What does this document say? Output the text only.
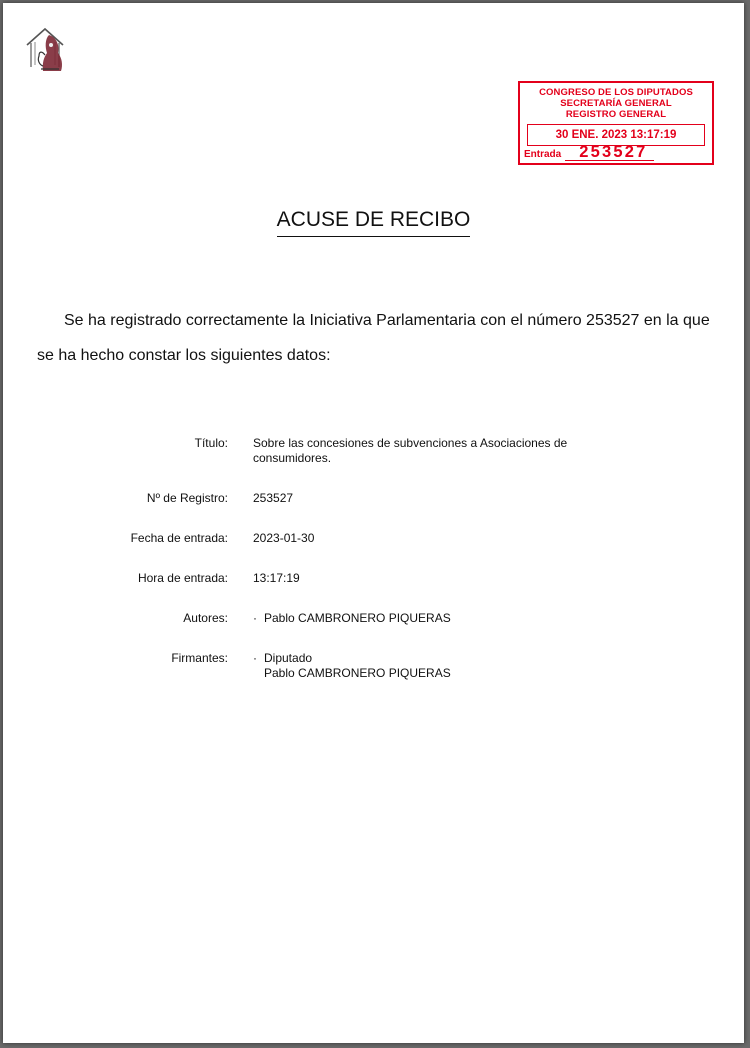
CONGRESO DE LOS DIPUTADOS
SECRETARÍA GENERAL
REGISTRO GENERAL
30 ENE. 2023 13:17:19
Entrada	253527
ACUSE DE RECIBO
Se ha registrado correctamente la Iniciativa Parlamentaria con el número 253527 en la que se ha hecho constar los siguientes datos:
Título: Sobre las concesiones de subvenciones a Asociaciones de
consumidores.
Nº de Registro: 253527
Fecha de entrada: 2023-01-30
Hora de entrada: 13:17:19
Autores: · Pablo CAMBRONERO PIQUERAS
Firmantes: · Diputado
Pablo CAMBRONERO PIQUERAS
